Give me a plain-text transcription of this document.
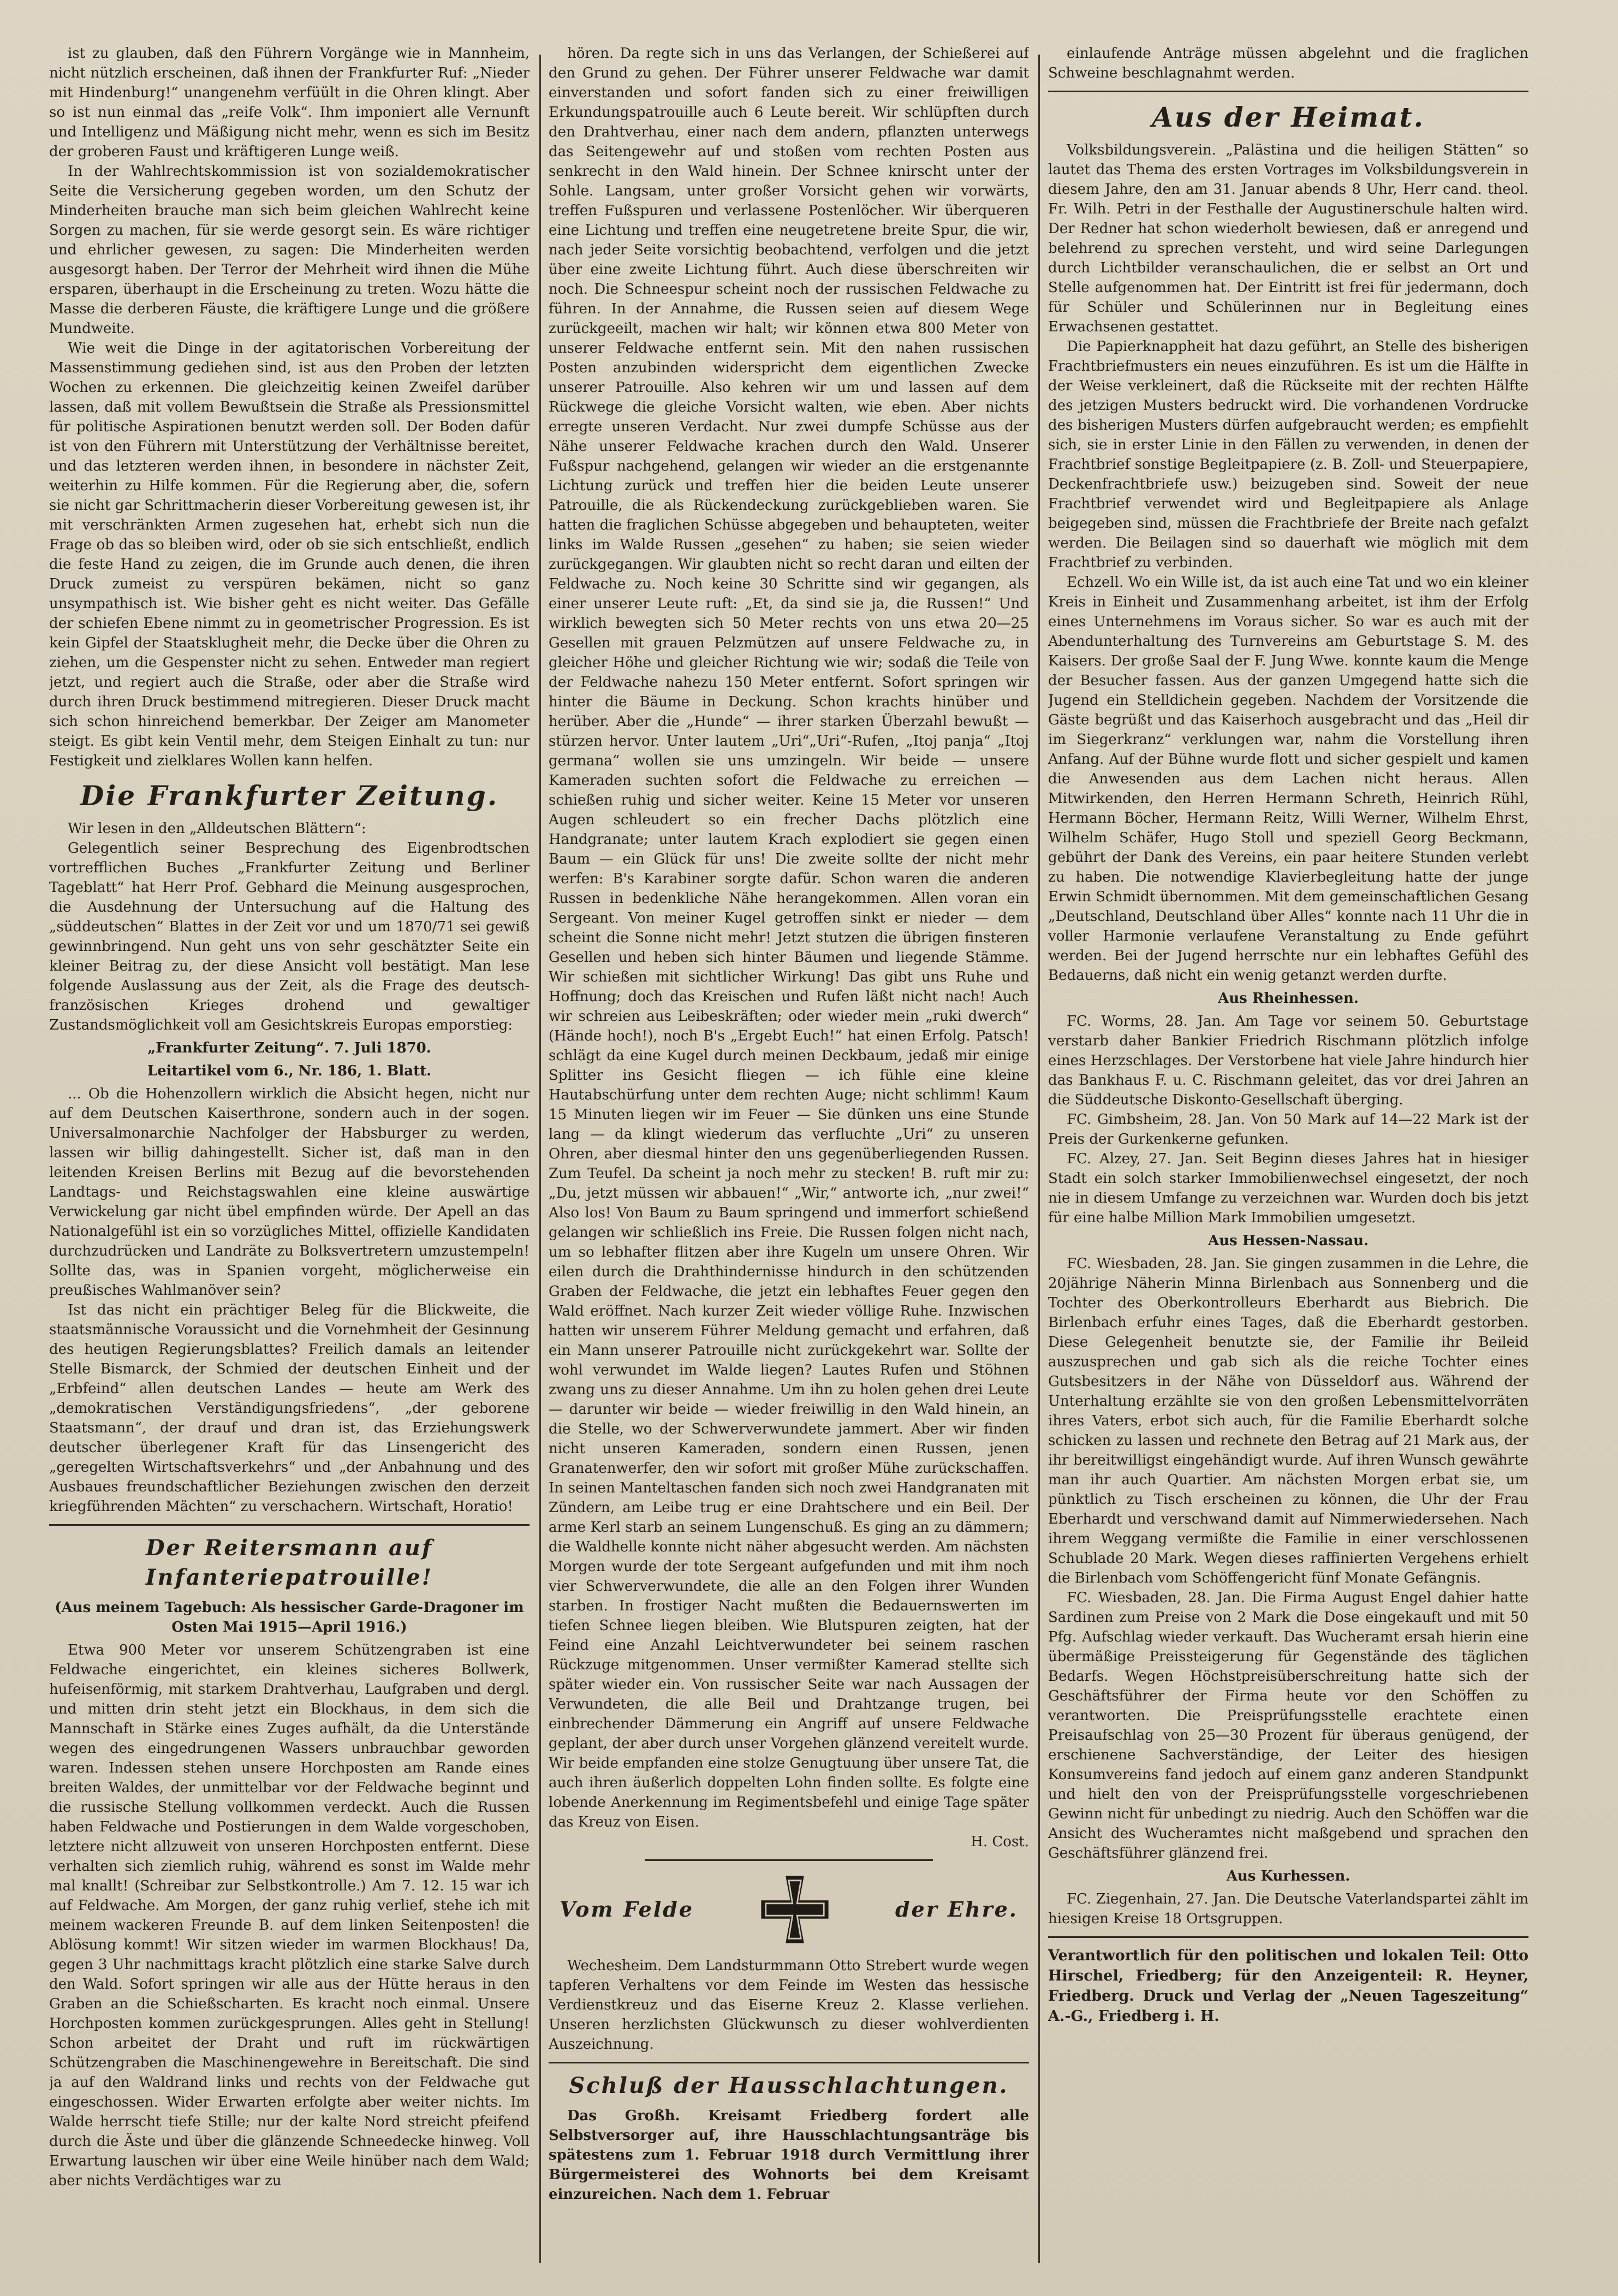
ist zu glauben, daß den Führern Vorgänge wie in Mannheim, nicht nützlich erscheinen, daß ihnen der Frankfurter Ruf: „Nieder mit Hindenburg!“ unangenehm verfüült in die Ohren klingt. Aber so ist nun einmal das „reife Volk“. Ihm imponiert alle Vernunft und Intelligenz und Mäßigung nicht mehr, wenn es sich im Besitz der groberen Faust und kräftigeren Lunge weiß.

In der Wahlrechtskommission ist von sozialdemokratischer Seite die Versicherung gegeben worden, um den Schutz der Minderheiten brauche man sich beim gleichen Wahlrecht keine Sorgen zu machen, für sie werde gesorgt sein. Es wäre richtiger und ehrlicher gewesen, zu sagen: Die Minderheiten werden ausgesorgt haben. Der Terror der Mehrheit wird ihnen die Mühe ersparen, überhaupt in die Erscheinung zu treten. Wozu hätte die Masse die derberen Fäuste, die kräftigere Lunge und die größere Mundweite.

Wie weit die Dinge in der agitatorischen Vorbereitung der Massenstimmung gediehen sind, ist aus den Proben der letzten Wochen zu erkennen. Die gleichzeitig keinen Zweifel darüber lassen, daß mit vollem Bewußtsein die Straße als Pressionsmittel für politische Aspirationen benutzt werden soll. Der Boden dafür ist von den Führern mit Unterstützung der Verhältnisse bereitet, und das letzteren werden ihnen, in besondere in nächster Zeit, weiterhin zu Hilfe kommen. Für die Regierung aber, die, sofern sie nicht gar Schrittmacherin dieser Vorbereitung gewesen ist, ihr mit verschränkten Armen zugesehen hat, erhebt sich nun die Frage ob das so bleiben wird, oder ob sie sich entschließt, endlich die feste Hand zu zeigen, die im Grunde auch denen, die ihren Druck zumeist zu verspüren bekämen, nicht so ganz unsympathisch ist. Wie bisher geht es nicht weiter. Das Gefälle der schiefen Ebene nimmt zu in geometrischer Progression. Es ist kein Gipfel der Staatsklugheit mehr, die Decke über die Ohren zu ziehen, um die Gespenster nicht zu sehen. Entweder man regiert jetzt, und regiert auch die Straße, oder aber die Straße wird durch ihren Druck bestimmend mitregieren. Dieser Druck macht sich schon hinreichend bemerkbar. Der Zeiger am Manometer steigt. Es gibt kein Ventil mehr, dem Steigen Einhalt zu tun: nur Festigkeit und zielklares Wollen kann helfen.

Die Frankfurter Zeitung.

Wir lesen in den „Alldeutschen Blättern“:

Gelegentlich seiner Besprechung des Eigenbrodtschen vortrefflichen Buches „Frankfurter Zeitung und Berliner Tageblatt“ hat Herr Prof. Gebhard die Meinung ausgesprochen, die Ausdehnung der Untersuchung auf die Haltung des „süddeutschen“ Blattes in der Zeit vor und um 1870/71 sei gewiß gewinnbringend. Nun geht uns von sehr geschätzter Seite ein kleiner Beitrag zu, der diese Ansicht voll bestätigt. Man lese folgende Auslassung aus der Zeit, als die Frage des deutsch-französischen Krieges drohend und gewaltiger Zustandsmöglichkeit voll am Gesichtskreis Europas emporstieg:

„Frankfurter Zeitung“. 7. Juli 1870.

Leitartikel vom 6., Nr. 186, 1. Blatt.

... Ob die Hohenzollern wirklich die Absicht hegen, nicht nur auf dem Deutschen Kaiserthrone, sondern auch in der sogen. Universalmonarchie Nachfolger der Habsburger zu werden, lassen wir billig dahingestellt. Sicher ist, daß man in den leitenden Kreisen Berlins mit Bezug auf die bevorstehenden Landtags- und Reichstagswahlen eine kleine auswärtige Verwickelung gar nicht übel empfinden würde. Der Apell an das Nationalgefühl ist ein so vorzügliches Mittel, offizielle Kandidaten durchzudrücken und Landräte zu Bolksvertretern umzustempeln! Sollte das, was in Spanien vorgeht, möglicherweise ein preußisches Wahlmanöver sein?

Ist das nicht ein prächtiger Beleg für die Blickweite, die staatsmännische Voraussicht und die Vornehmheit der Gesinnung des heutigen Regierungsblattes? Freilich damals an leitender Stelle Bismarck, der Schmied der deutschen Einheit und der „Erbfeind“ allen deutschen Landes — heute am Werk des „demokratischen Verständigungsfriedens“, „der geborene Staatsmann“, der drauf und dran ist, das Erziehungswerk deutscher überlegener Kraft für das Linsengericht des „geregelten Wirtschaftsverkehrs“ und „der Anbahnung und des Ausbaues freundschaftlicher Beziehungen zwischen den derzeit kriegführenden Mächten“ zu verschachern. Wirtschaft, Horatio!

Der Reitersmann auf Infanteriepatrouille!

(Aus meinem Tagebuch: Als hessischer Garde-Dragoner im Osten Mai 1915—April 1916.)

Etwa 900 Meter vor unserem Schützengraben ist eine Feldwache eingerichtet, ein kleines sicheres Bollwerk, hufeisenförmig, mit starkem Drahtverhau, Laufgraben und dergl. und mitten drin steht jetzt ein Blockhaus, in dem sich die Mannschaft in Stärke eines Zuges aufhält, da die Unterstände wegen des eingedrungenen Wassers unbrauchbar geworden waren. Indessen stehen unsere Horchposten am Rande eines breiten Waldes, der unmittelbar vor der Feldwache beginnt und die russische Stellung vollkommen verdeckt. Auch die Russen haben Feldwache und Postierungen in dem Walde vorgeschoben, letztere nicht allzuweit von unseren Horchposten entfernt. Diese verhalten sich ziemlich ruhig, während es sonst im Walde mehr mal knallt! (Schreibar zur Selbstkontrolle.) Am 7. 12. 15 war ich auf Feldwache. Am Morgen, der ganz ruhig verlief, stehe ich mit meinem wackeren Freunde B. auf dem linken Seitenposten! die Ablösung kommt! Wir sitzen wieder im warmen Blockhaus! Da, gegen 3 Uhr nachmittags kracht plötzlich eine starke Salve durch den Wald. Sofort springen wir alle aus der Hütte heraus in den Graben an die Schießscharten. Es kracht noch einmal. Unsere Horchposten kommen zurückgesprungen. Alles geht in Stellung! Schon arbeitet der Draht und ruft im rückwärtigen Schützengraben die Maschinengewehre in Bereitschaft. Die sind ja auf den Waldrand links und rechts von der Feldwache gut eingeschossen. Wider Erwarten erfolgte aber weiter nichts. Im Walde herrscht tiefe Stille; nur der kalte Nord streicht pfeifend durch die Äste und über die glänzende Schneedecke hinweg. Voll Erwartung lauschen wir über eine Weile hinüber nach dem Wald; aber nichts Verdächtiges war zu

hören. Da regte sich in uns das Verlangen, der Schießerei auf den Grund zu gehen. Der Führer unserer Feldwache war damit einverstanden und sofort fanden sich zu einer freiwilligen Erkundungspatrouille auch 6 Leute bereit. Wir schlüpften durch den Drahtverhau, einer nach dem andern, pflanzten unterwegs das Seitengewehr auf und stoßen vom rechten Posten aus senkrecht in den Wald hinein. Der Schnee knirscht unter der Sohle. Langsam, unter großer Vorsicht gehen wir vorwärts, treffen Fußspuren und verlassene Postenlöcher. Wir überqueren eine Lichtung und treffen eine neugetretene breite Spur, die wir, nach jeder Seite vorsichtig beobachtend, verfolgen und die jetzt über eine zweite Lichtung führt. Auch diese überschreiten wir noch. Die Schneespur scheint noch der russischen Feldwache zu führen. In der Annahme, die Russen seien auf diesem Wege zurückgeeilt, machen wir halt; wir können etwa 800 Meter von unserer Feldwache entfernt sein. Mit den nahen russischen Posten anzubinden widerspricht dem eigentlichen Zwecke unserer Patrouille. Also kehren wir um und lassen auf dem Rückwege die gleiche Vorsicht walten, wie eben. Aber nichts erregte unseren Verdacht. Nur zwei dumpfe Schüsse aus der Nähe unserer Feldwache krachen durch den Wald. Unserer Fußspur nachgehend, gelangen wir wieder an die erstgenannte Lichtung zurück und treffen hier die beiden Leute unserer Patrouille, die als Rückendeckung zurückgeblieben waren. Sie hatten die fraglichen Schüsse abgegeben und behaupteten, weiter links im Walde Russen „gesehen“ zu haben; sie seien wieder zurückgegangen. Wir glaubten nicht so recht daran und eilten der Feldwache zu. Noch keine 30 Schritte sind wir gegangen, als einer unserer Leute ruft: „Et, da sind sie ja, die Russen!“ Und wirklich bewegten sich 50 Meter rechts von uns etwa 20—25 Gesellen mit grauen Pelzmützen auf unsere Feldwache zu, in gleicher Höhe und gleicher Richtung wie wir; sodaß die Teile von der Feldwache nahezu 150 Meter entfernt. Sofort springen wir hinter die Bäume in Deckung. Schon krachts hinüber und herüber. Aber die „Hunde“ — ihrer starken Überzahl bewußt — stürzen hervor. Unter lautem „Uri“„Uri“-Rufen, „Itoj panja“ „Itoj germana“ wollen sie uns umzingeln. Wir beide — unsere Kameraden suchten sofort die Feldwache zu erreichen — schießen ruhig und sicher weiter. Keine 15 Meter vor unseren Augen schleudert so ein frecher Dachs plötzlich eine Handgranate; unter lautem Krach explodiert sie gegen einen Baum — ein Glück für uns! Die zweite sollte der nicht mehr werfen: B's Karabiner sorgte dafür. Schon waren die anderen Russen in bedenkliche Nähe herangekommen. Allen voran ein Sergeant. Von meiner Kugel getroffen sinkt er nieder — dem scheint die Sonne nicht mehr! Jetzt stutzen die übrigen finsteren Gesellen und heben sich hinter Bäumen und liegende Stämme. Wir schießen mit sichtlicher Wirkung! Das gibt uns Ruhe und Hoffnung; doch das Kreischen und Rufen läßt nicht nach! Auch wir schreien aus Leibeskräften; oder wieder mein „ruki dwerch“ (Hände hoch!), noch B's „Ergebt Euch!“ hat einen Erfolg. Patsch! schlägt da eine Kugel durch meinen Deckbaum, jedaß mir einige Splitter ins Gesicht fliegen — ich fühle eine kleine Hautabschürfung unter dem rechten Auge; nicht schlimm! Kaum 15 Minuten liegen wir im Feuer — Sie dünken uns eine Stunde lang — da klingt wiederum das verfluchte „Uri“ zu unseren Ohren, aber diesmal hinter den uns gegenüberliegenden Russen. Zum Teufel. Da scheint ja noch mehr zu stecken! B. ruft mir zu: „Du, jetzt müssen wir abbauen!“ „Wir,“ antworte ich, „nur zwei!“ Also los! Von Baum zu Baum springend und immerfort schießend gelangen wir schließlich ins Freie. Die Russen folgen nicht nach, um so lebhafter flitzen aber ihre Kugeln um unsere Ohren. Wir eilen durch die Drahthindernisse hindurch in den schützenden Graben der Feldwache, die jetzt ein lebhaftes Feuer gegen den Wald eröffnet. Nach kurzer Zeit wieder völlige Ruhe. Inzwischen hatten wir unserem Führer Meldung gemacht und erfahren, daß ein Mann unserer Patrouille nicht zurückgekehrt war. Sollte der wohl verwundet im Walde liegen? Lautes Rufen und Stöhnen zwang uns zu dieser Annahme. Um ihn zu holen gehen drei Leute — darunter wir beide — wieder freiwillig in den Wald hinein, an die Stelle, wo der Schwerverwundete jammert. Aber wir finden nicht unseren Kameraden, sondern einen Russen, jenen Granatenwerfer, den wir sofort mit großer Mühe zurückschaffen. In seinen Manteltaschen fanden sich noch zwei Handgranaten mit Zündern, am Leibe trug er eine Drahtschere und ein Beil. Der arme Kerl starb an seinem Lungenschuß. Es ging an zu dämmern; die Waldhelle konnte nicht näher abgesucht werden. Am nächsten Morgen wurde der tote Sergeant aufgefunden und mit ihm noch vier Schwerverwundete, die alle an den Folgen ihrer Wunden starben. In frostiger Nacht mußten die Bedauernswerten im tiefen Schnee liegen bleiben. Wie Blutspuren zeigten, hat der Feind eine Anzahl Leichtverwundeter bei seinem raschen Rückzuge mitgenommen. Unser vermißter Kamerad stellte sich später wieder ein. Von russischer Seite war nach Aussagen der Verwundeten, die alle Beil und Drahtzange trugen, bei einbrechender Dämmerung ein Angriff auf unsere Feldwache geplant, der aber durch unser Vorgehen glänzend vereitelt wurde. Wir beide empfanden eine stolze Genugtuung über unsere Tat, die auch ihren äußerlich doppelten Lohn finden sollte. Es folgte eine lobende Anerkennung im Regimentsbefehl und einige Tage später das Kreuz von Eisen.

H. Cost.

Vom Felde	der Ehre.

Wechesheim. Dem Landsturmmann Otto Strebert wurde wegen tapferen Verhaltens vor dem Feinde im Westen das hessische Verdienstkreuz und das Eiserne Kreuz 2. Klasse verliehen. Unseren herzlichsten Glückwunsch zu dieser wohlverdienten Auszeichnung.

Schluß der Hausschlachtungen.

Das Großh. Kreisamt Friedberg fordert alle Selbstversorger auf, ihre Hausschlachtungsanträge bis spätestens zum 1. Februar 1918 durch Vermittlung ihrer Bürgermeisterei des Wohnorts bei dem Kreisamt einzureichen. Nach dem 1. Februar

einlaufende Anträge müssen abgelehnt und die fraglichen Schweine beschlagnahmt werden.

Aus der Heimat.

Volksbildungsverein. „Palästina und die heiligen Stätten“ so lautet das Thema des ersten Vortrages im Volksbildungsverein in diesem Jahre, den am 31. Januar abends 8 Uhr, Herr cand. theol. Fr. Wilh. Petri in der Festhalle der Augustinerschule halten wird. Der Redner hat schon wiederholt bewiesen, daß er anregend und belehrend zu sprechen versteht, und wird seine Darlegungen durch Lichtbilder veranschaulichen, die er selbst an Ort und Stelle aufgenommen hat. Der Eintritt ist frei für jedermann, doch für Schüler und Schülerinnen nur in Begleitung eines Erwachsenen gestattet.

Die Papierknappheit hat dazu geführt, an Stelle des bisherigen Frachtbriefmusters ein neues einzuführen. Es ist um die Hälfte in der Weise verkleinert, daß die Rückseite mit der rechten Hälfte des jetzigen Musters bedruckt wird. Die vorhandenen Vordrucke des bisherigen Musters dürfen aufgebraucht werden; es empfiehlt sich, sie in erster Linie in den Fällen zu verwenden, in denen der Frachtbrief sonstige Begleitpapiere (z. B. Zoll- und Steuerpapiere, Deckenfrachtbriefe usw.) beizugeben sind. Soweit der neue Frachtbrief verwendet wird und Begleitpapiere als Anlage beigegeben sind, müssen die Frachtbriefe der Breite nach gefalzt werden. Die Beilagen sind so dauerhaft wie möglich mit dem Frachtbrief zu verbinden.

Echzell. Wo ein Wille ist, da ist auch eine Tat und wo ein kleiner Kreis in Einheit und Zusammenhang arbeitet, ist ihm der Erfolg eines Unternehmens im Voraus sicher. So war es auch mit der Abendunterhaltung des Turnvereins am Geburtstage S. M. des Kaisers. Der große Saal der F. Jung Wwe. konnte kaum die Menge der Besucher fassen. Aus der ganzen Umgegend hatte sich die Jugend ein Stelldichein gegeben. Nachdem der Vorsitzende die Gäste begrüßt und das Kaiserhoch ausgebracht und das „Heil dir im Siegerkranz“ verklungen war, nahm die Vorstellung ihren Anfang. Auf der Bühne wurde flott und sicher gespielt und kamen die Anwesenden aus dem Lachen nicht heraus. Allen Mitwirkenden, den Herren Hermann Schreth, Heinrich Rühl, Hermann Böcher, Hermann Reitz, Willi Werner, Wilhelm Ehrst, Wilhelm Schäfer, Hugo Stoll und speziell Georg Beckmann, gebührt der Dank des Vereins, ein paar heitere Stunden verlebt zu haben. Die notwendige Klavierbegleitung hatte der junge Erwin Schmidt übernommen. Mit dem gemeinschaftlichen Gesang „Deutschland, Deutschland über Alles“ konnte nach 11 Uhr die in voller Harmonie verlaufene Veranstaltung zu Ende geführt werden. Bei der Jugend herrschte nur ein lebhaftes Gefühl des Bedauerns, daß nicht ein wenig getanzt werden durfte.

Aus Rheinhessen.

FC. Worms, 28. Jan. Am Tage vor seinem 50. Geburtstage verstarb daher Bankier Friedrich Rischmann plötzlich infolge eines Herzschlages. Der Verstorbene hat viele Jahre hindurch hier das Bankhaus F. u. C. Rischmann geleitet, das vor drei Jahren an die Süddeutsche Diskonto-Gesellschaft überging.

FC. Gimbsheim, 28. Jan. Von 50 Mark auf 14—22 Mark ist der Preis der Gurkenkerne gefunken.

FC. Alzey, 27. Jan. Seit Beginn dieses Jahres hat in hiesiger Stadt ein solch starker Immobilienwechsel eingesetzt, der noch nie in diesem Umfange zu verzeichnen war. Wurden doch bis jetzt für eine halbe Million Mark Immobilien umgesetzt.

Aus Hessen-Nassau.

FC. Wiesbaden, 28. Jan. Sie gingen zusammen in die Lehre, die 20jährige Näherin Minna Birlenbach aus Sonnenberg und die Tochter des Oberkontrolleurs Eberhardt aus Biebrich. Die Birlenbach erfuhr eines Tages, daß die Eberhardt gestorben. Diese Gelegenheit benutzte sie, der Familie ihr Beileid auszusprechen und gab sich als die reiche Tochter eines Gutsbesitzers in der Nähe von Düsseldorf aus. Während der Unterhaltung erzählte sie von den großen Lebensmittelvorräten ihres Vaters, erbot sich auch, für die Familie Eberhardt solche schicken zu lassen und rechnete den Betrag auf 21 Mark aus, der ihr bereitwilligst eingehändigt wurde. Auf ihren Wunsch gewährte man ihr auch Quartier. Am nächsten Morgen erbat sie, um pünktlich zu Tisch erscheinen zu können, die Uhr der Frau Eberhardt und verschwand damit auf Nimmerwiedersehen. Nach ihrem Weggang vermißte die Familie in einer verschlossenen Schublade 20 Mark. Wegen dieses raffinierten Vergehens erhielt die Birlenbach vom Schöffengericht fünf Monate Gefängnis.

FC. Wiesbaden, 28. Jan. Die Firma August Engel dahier hatte Sardinen zum Preise von 2 Mark die Dose eingekauft und mit 50 Pfg. Aufschlag wieder verkauft. Das Wucheramt ersah hierin eine übermäßige Preissteigerung für Gegenstände des täglichen Bedarfs. Wegen Höchstpreisüberschreitung hatte sich der Geschäftsführer der Firma heute vor den Schöffen zu verantworten. Die Preisprüfungsstelle erachtete einen Preisaufschlag von 25—30 Prozent für überaus genügend, der erschienene Sachverständige, der Leiter des hiesigen Konsumvereins fand jedoch auf einem ganz anderen Standpunkt und hielt den von der Preisprüfungsstelle vorgeschriebenen Gewinn nicht für unbedingt zu niedrig. Auch den Schöffen war die Ansicht des Wucheramtes nicht maßgebend und sprachen den Geschäftsführer glänzend frei.

Aus Kurhessen.

FC. Ziegenhain, 27. Jan. Die Deutsche Vaterlandspartei zählt im hiesigen Kreise 18 Ortsgruppen.

Verantwortlich für den politischen und lokalen Teil: Otto Hirschel, Friedberg; für den Anzeigenteil: R. Heyner, Friedberg. Druck und Verlag der „Neuen Tageszeitung“ A.-G., Friedberg i. H.
